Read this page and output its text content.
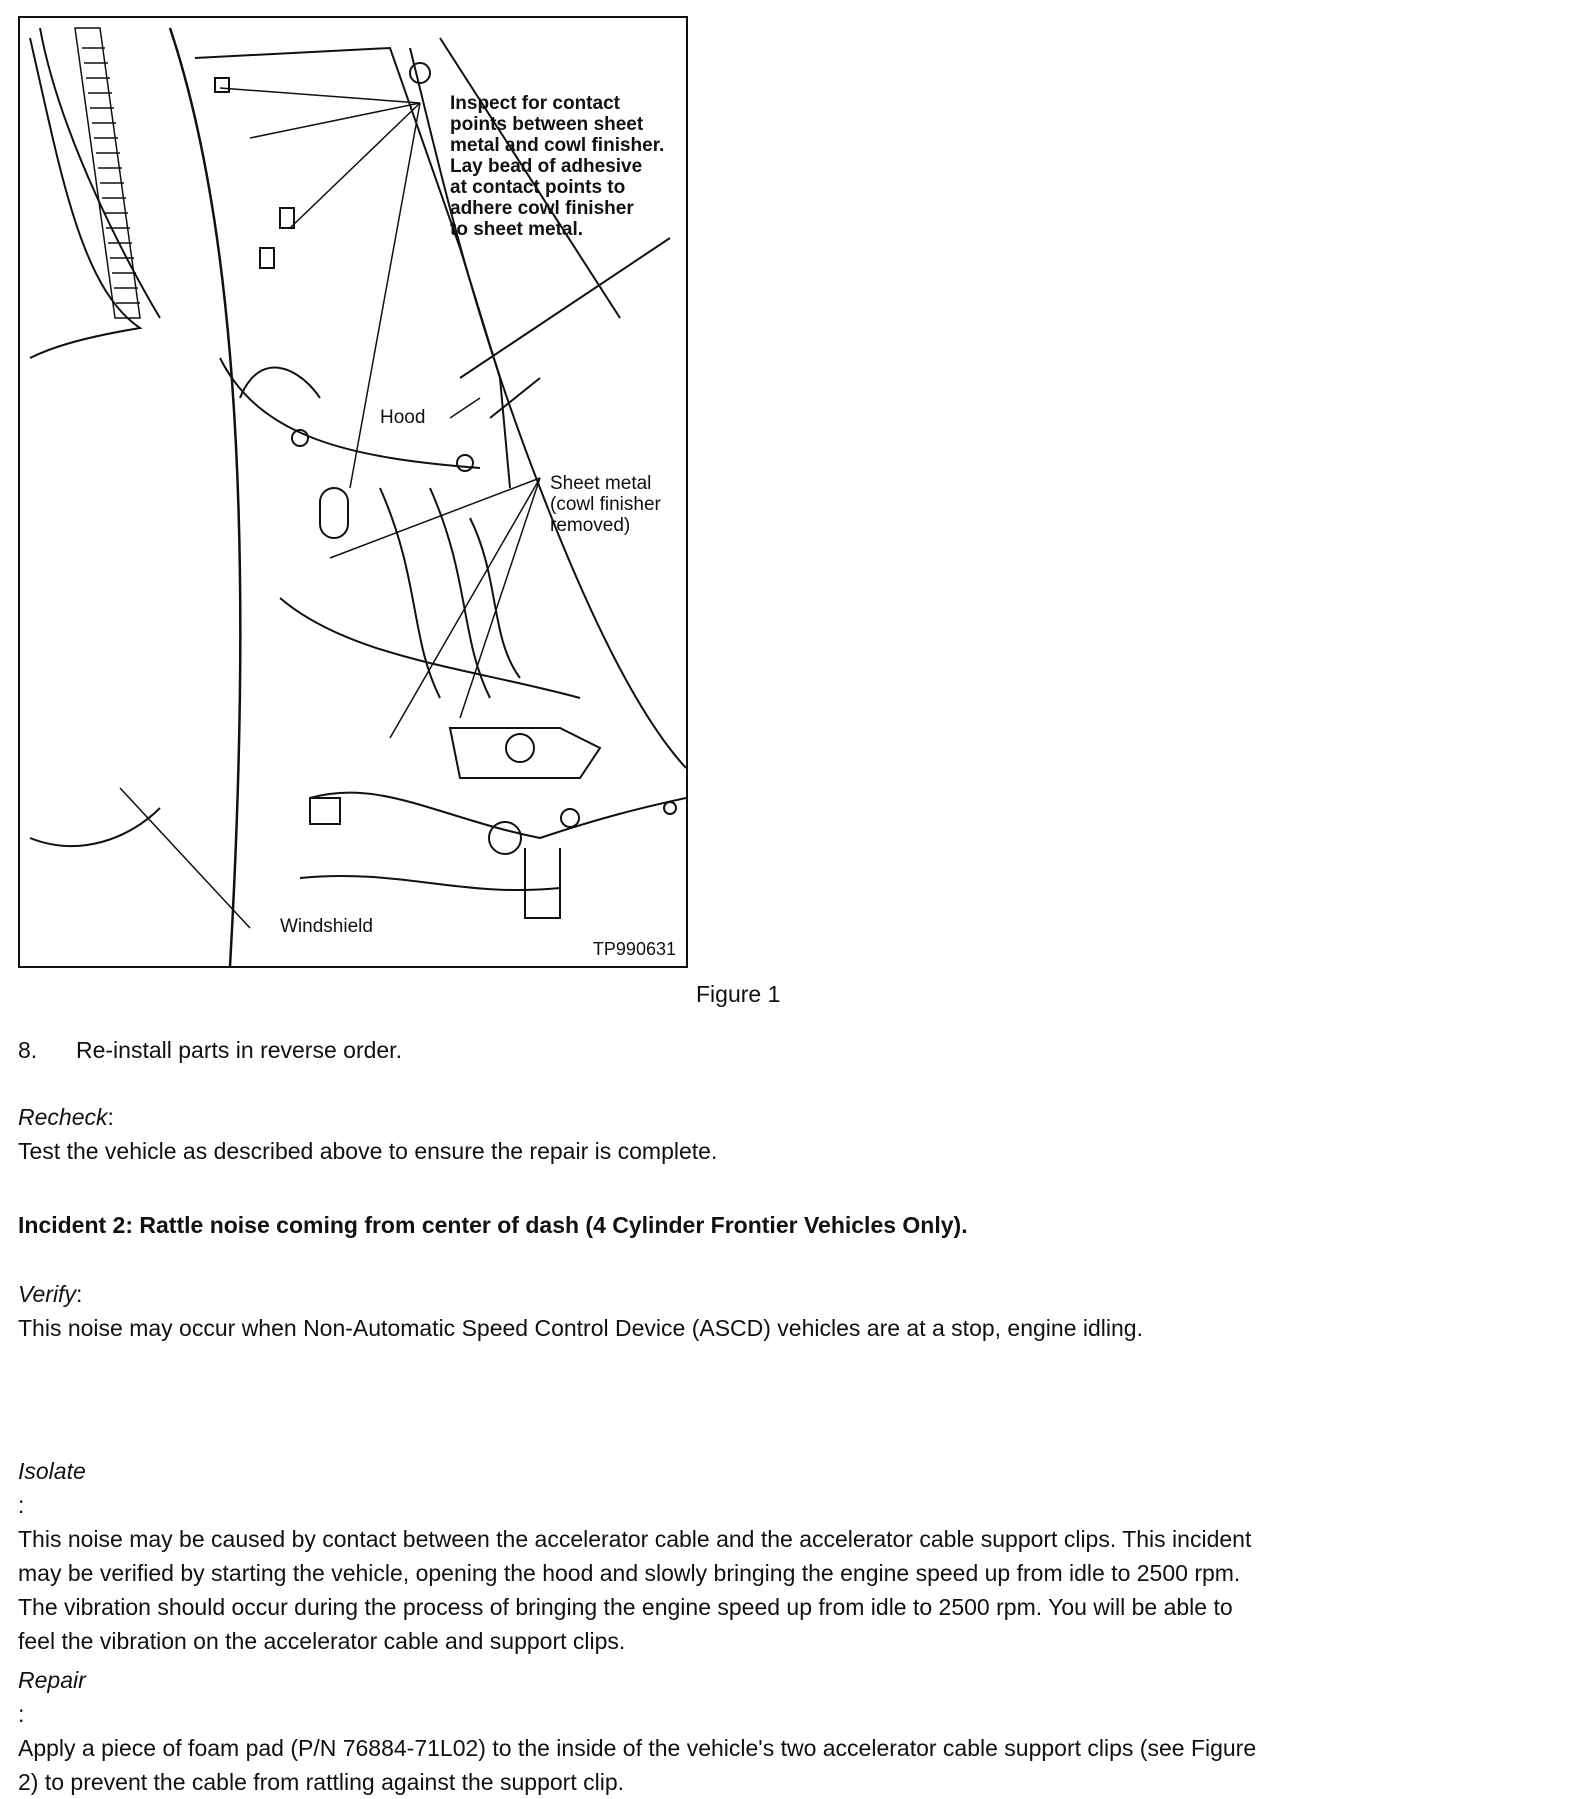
Inspect for contact
points between sheet
metal and cowl finisher.
Lay bead of adhesive
at contact points to
adhere cowl finisher
to sheet metal.
Hood
Sheet metal
(cowl finisher
removed)
Windshield
TP990631
Figure 1

8. Re-install parts in reverse order.

Recheck:
Test the vehicle as described above to ensure the repair is complete.

Incident 2: Rattle noise coming from center of dash (4 Cylinder Frontier Vehicles Only).

Verify:
This noise may occur when Non-Automatic Speed Control Device (ASCD) vehicles are at a stop, engine idling.

Isolate
:
This noise may be caused by contact between the accelerator cable and the accelerator cable support clips. This incident
may be verified by starting the vehicle, opening the hood and slowly bringing the engine speed up from idle to 2500 rpm.
The vibration should occur during the process of bringing the engine speed up from idle to 2500 rpm. You will be able to
feel the vibration on the accelerator cable and support clips.
Repair
:
Apply a piece of foam pad (P/N 76884-71L02) to the inside of the vehicle's two accelerator cable support clips (see Figure
2) to prevent the cable from rattling against the support clip.
